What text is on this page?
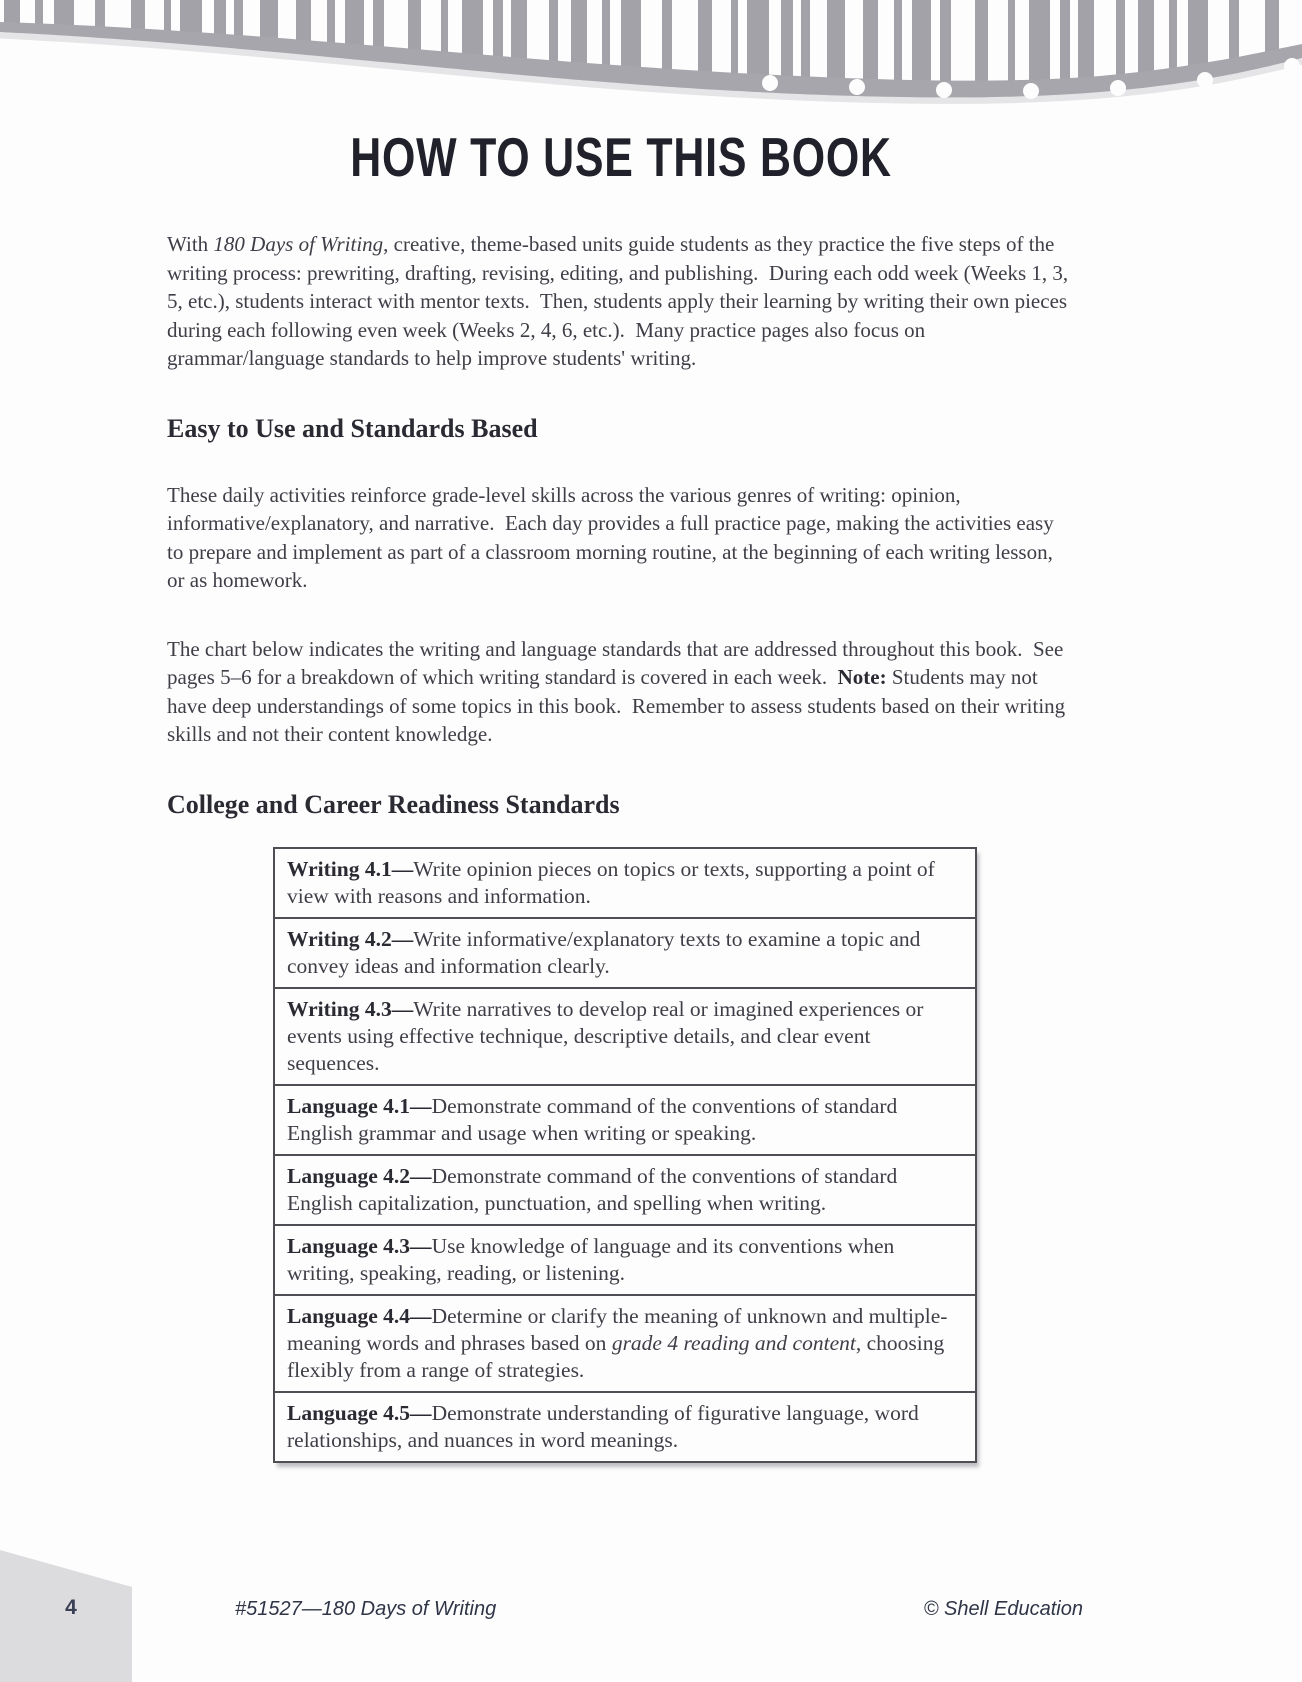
HOW TO USE THIS BOOK

With 180 Days of Writing, creative, theme-based units guide students as they practice the five steps of the writing process: prewriting, drafting, revising, editing, and publishing.  During each odd week (Weeks 1, 3, 5, etc.), students interact with mentor texts.  Then, students apply their learning by writing their own pieces during each following even week (Weeks 2, 4, 6, etc.).  Many practice pages also focus on grammar/language standards to help improve students' writing.

Easy to Use and Standards Based

These daily activities reinforce grade-level skills across the various genres of writing: opinion, informative/explanatory, and narrative.  Each day provides a full practice page, making the activities easy to prepare and implement as part of a classroom morning routine, at the beginning of each writing lesson, or as homework.

The chart below indicates the writing and language standards that are addressed throughout this book.  See pages 5–6 for a breakdown of which writing standard is covered in each week.  Note: Students may not have deep understandings of some topics in this book.  Remember to assess students based on their writing skills and not their content knowledge.

College and Career Readiness Standards
Writing 4.1—Write opinion pieces on topics or texts, supporting a point of view with reasons and information.
Writing 4.2—Write informative/explanatory texts to examine a topic and convey ideas and information clearly.
Writing 4.3—Write narratives to develop real or imagined experiences or events using effective technique, descriptive details, and clear event sequences.
Language 4.1—Demonstrate command of the conventions of standard English grammar and usage when writing or speaking.
Language 4.2—Demonstrate command of the conventions of standard English capitalization, punctuation, and spelling when writing.
Language 4.3—Use knowledge of language and its conventions when writing, speaking, reading, or listening.
Language 4.4—Determine or clarify the meaning of unknown and multiple-meaning words and phrases based on grade 4 reading and content, choosing flexibly from a range of strategies.
Language 4.5—Demonstrate understanding of figurative language, word relationships, and nuances in word meanings.
4	#51527—180 Days of Writing	© Shell Education
